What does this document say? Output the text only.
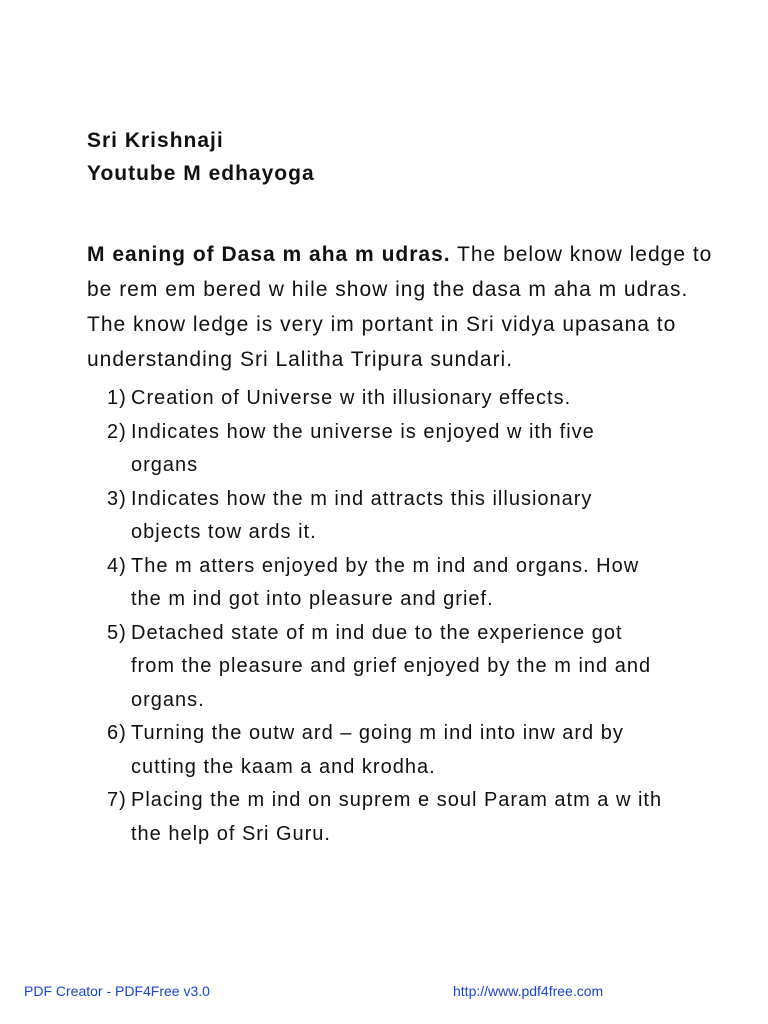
Sri Krishnaji

Youtube M edhayoga

M eaning of Dasa m aha m udras. The below know ledge to
be rem em bered w hile show ing the dasa m aha m udras.
The know ledge is very im portant in Sri vidya upasana to
understanding Sri Lalitha Tripura sundari.
1) Creation of Universe w ith illusionary effects.
2) Indicates how the universe is enjoyed w ith five
organs
3) Indicates how the m ind attracts this illusionary
objects tow ards it.
4) The m atters enjoyed by the m ind and organs. How
the m ind got into pleasure and grief.
5) Detached state of m ind due to the experience got
from the pleasure and grief enjoyed by the m ind and
organs.
6) Turning the outw ard – going m ind into inw ard by
cutting the kaam a and krodha.
7) Placing the m ind on suprem e soul Param atm a w ith
the help of Sri Guru.
PDF Creator - PDF4Free v3.0	http://www.pdf4free.com
